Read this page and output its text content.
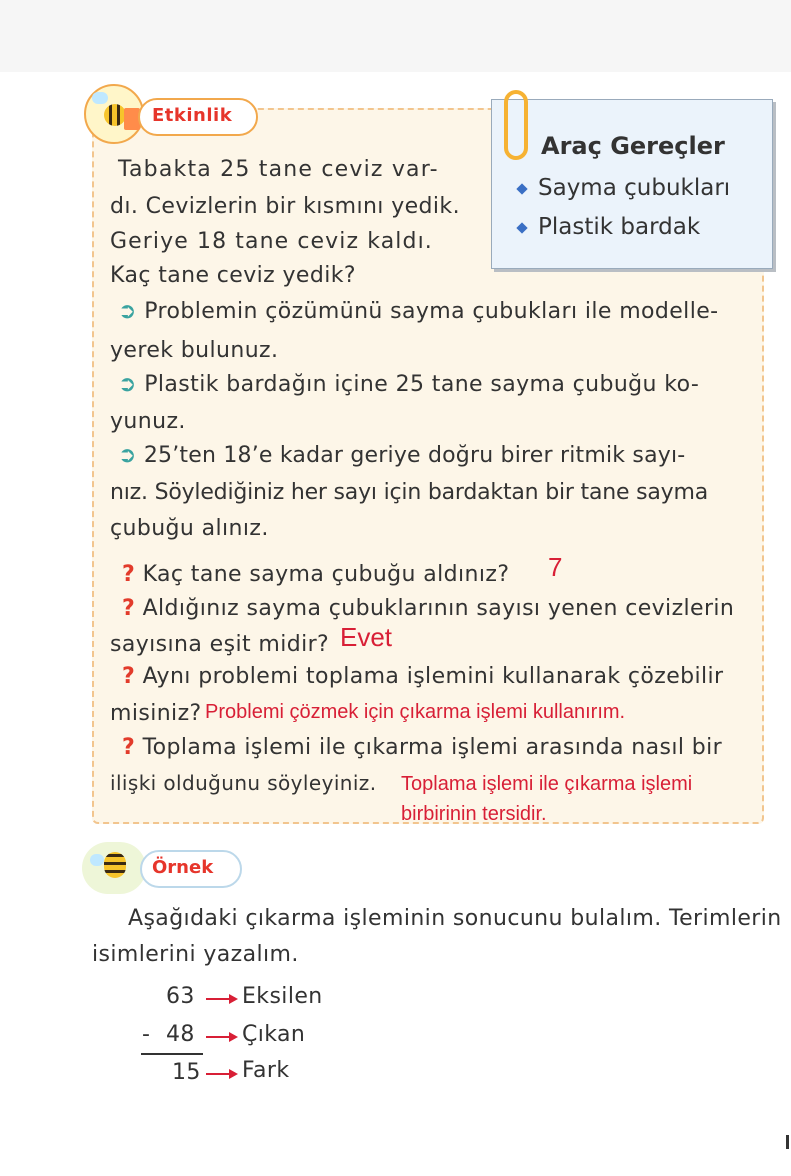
Etkinlik
Araç Gereçler
Sayma çubukları
Plastik bardak
Tabakta 25 tane ceviz var-
dı. Cevizlerin bir kısmını yedik.
Geriye 18 tane ceviz kaldı.
Kaç tane ceviz yedik?
➲ Problemin çözümünü sayma çubukları ile modelle-
yerek bulunuz.
➲ Plastik bardağın içine 25 tane sayma çubuğu ko-
yunuz.
➲ 25’ten 18’e kadar geriye doğru birer ritmik sayı-
nız. Söylediğiniz her sayı için bardaktan bir tane sayma
çubuğu alınız.
? Kaç tane sayma çubuğu aldınız? 7
? Aldığınız sayma çubuklarının sayısı yenen cevizlerin
sayısına eşit midir? Evet
? Aynı problemi toplama işlemini kullanarak çözebilir
misiniz? Problemi çözmek için çıkarma işlemi kullanırım.
? Toplama işlemi ile çıkarma işlemi arasında nasıl bir
ilişki olduğunu söyleyiniz. Toplama işlemi ile çıkarma işlemi
birbirinin tersidir.
Örnek
Aşağıdaki çıkarma işleminin sonucunu bulalım. Terimlerin
isimlerini yazalım.
63 Eksilen
- 48 Çıkan
15 Fark
